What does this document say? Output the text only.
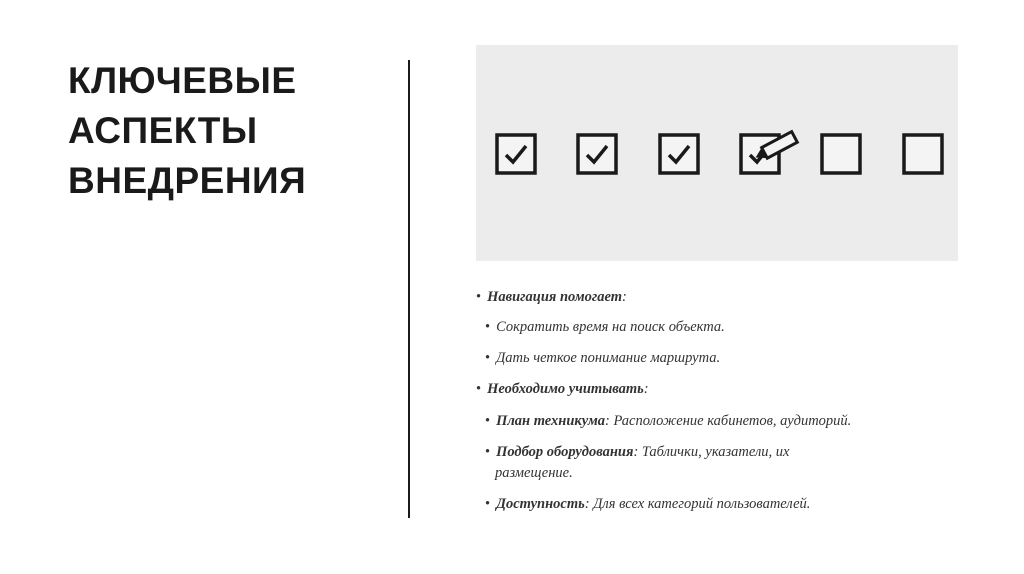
КЛЮЧЕВЫЕ
АСПЕКТЫ
ВНЕДРЕНИЯ
• Навигация помогает:
• Сократить время на поиск объекта.
• Дать четкое понимание маршрута.
• Необходимо учитывать:
• План техникума: Расположение кабинетов, аудиторий.
• Подбор оборудования: Таблички, указатели, их
размещение.
• Доступность: Для всех категорий пользователей.
